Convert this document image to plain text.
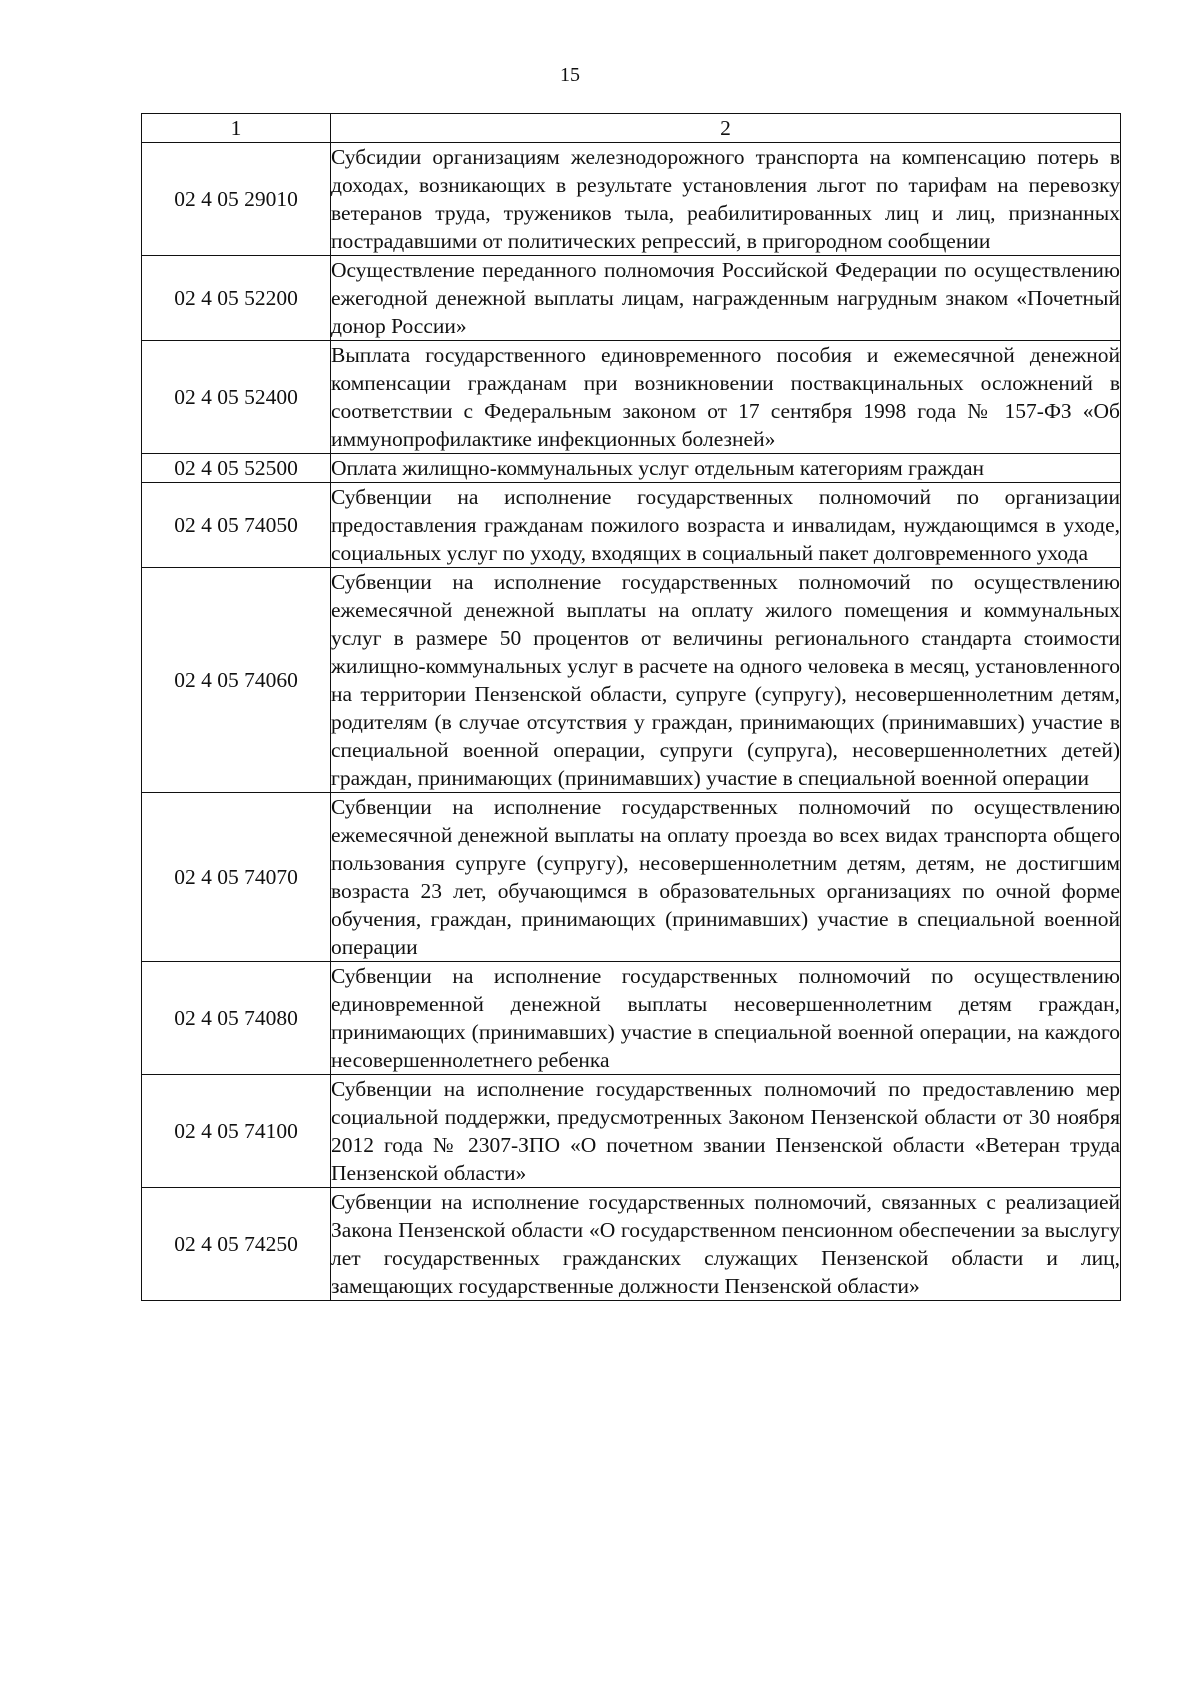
15
1	2
02 4 05 29010	Субсидии организациям железнодорожного транспорта на компенсацию потерь в доходах, возникающих в результате установления льгот по тарифам на перевозку ветеранов труда, тружеников тыла, реабилитированных лиц и лиц, признанных пострадавшими от политических репрессий, в пригородном сообщении
02 4 05 52200	Осуществление переданного полномочия Российской Федерации по осуществлению ежегодной денежной выплаты лицам, награжденным нагрудным знаком «Почетный донор России»
02 4 05 52400	Выплата государственного единовременного пособия и ежемесячной денежной компенсации гражданам при возникновении поствакцинальных осложнений в соответствии с Федеральным законом от 17 сентября 1998 года № 157-ФЗ «Об иммунопрофилактике инфекционных болезней»
02 4 05 52500	Оплата жилищно-коммунальных услуг отдельным категориям граждан
02 4 05 74050	Субвенции на исполнение государственных полномочий по организации предоставления гражданам пожилого возраста и инвалидам, нуждающимся в уходе, социальных услуг по уходу, входящих в социальный пакет долговременного ухода
02 4 05 74060	Субвенции на исполнение государственных полномочий по осуществлению ежемесячной денежной выплаты на оплату жилого помещения и коммунальных услуг в размере 50 процентов от величины регионального стандарта стоимости жилищно-коммунальных услуг в расчете на одного человека в месяц, установленного на территории Пензенской области, супруге (супругу), несовершеннолетним детям, родителям (в случае отсутствия у граждан, принимающих (принимавших) участие в специальной военной операции, супруги (супруга), несовершеннолетних детей) граждан, принимающих (принимавших) участие в специальной военной операции
02 4 05 74070	Субвенции на исполнение государственных полномочий по осуществлению ежемесячной денежной выплаты на оплату проезда во всех видах транспорта общего пользования супруге (супругу), несовершеннолетним детям, детям, не достигшим возраста 23 лет, обучающимся в образовательных организациях по очной форме обучения, граждан, принимающих (принимавших) участие в специальной военной операции
02 4 05 74080	Субвенции на исполнение государственных полномочий по осуществлению единовременной денежной выплаты несовершеннолетним детям граждан, принимающих (принимавших) участие в специальной военной операции, на каждого несовершеннолетнего ребенка
02 4 05 74100	Субвенции на исполнение государственных полномочий по предоставлению мер социальной поддержки, предусмотренных Законом Пензенской области от 30 ноября 2012 года № 2307-ЗПО «О почетном звании Пензенской области «Ветеран труда Пензенской области»
02 4 05 74250	Субвенции на исполнение государственных полномочий, связанных с реализацией Закона Пензенской области «О государственном пенсионном обеспечении за выслугу лет государственных гражданских служащих Пензенской области и лиц, замещающих государственные должности Пензенской области»
